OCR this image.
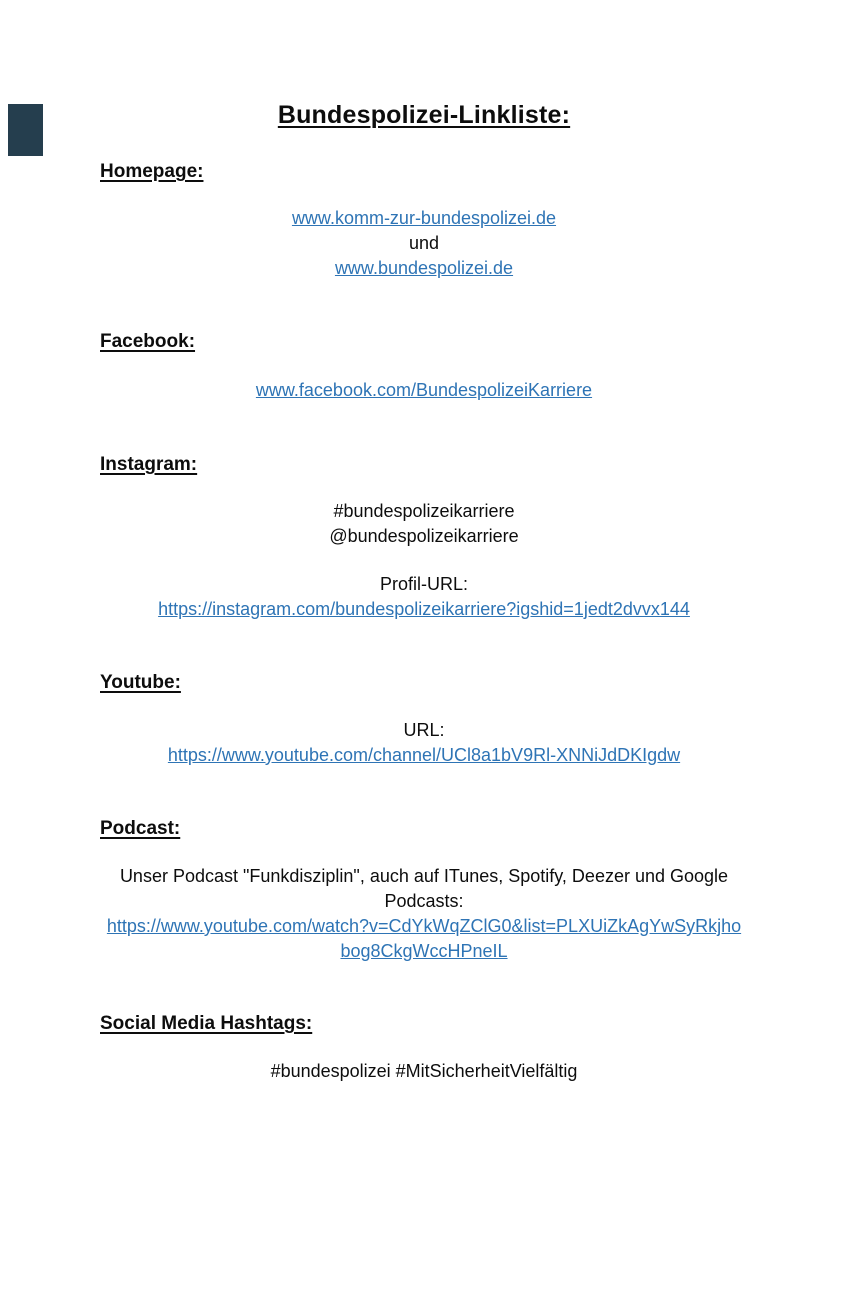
Bundespolizei-Linkliste:
Homepage:
www.komm-zur-bundespolizei.de
und
www.bundespolizei.de
Facebook:
www.facebook.com/BundespolizeiKarriere
Instagram:
#bundespolizeikarriere
@bundespolizeikarriere
Profil-URL:
https://instagram.com/bundespolizeikarriere?igshid=1jedt2dvvx144
Youtube:
URL:
https://www.youtube.com/channel/UCl8a1bV9Rl-XNNiJdDKIgdw
Podcast:
Unser Podcast "Funkdisziplin", auch auf ITunes, Spotify, Deezer und Google
Podcasts:
https://www.youtube.com/watch?v=CdYkWqZClG0&list=PLXUiZkAgYwSyRkjho
bog8CkgWccHPneIL
Social Media Hashtags:
#bundespolizei #MitSicherheitVielfältig
